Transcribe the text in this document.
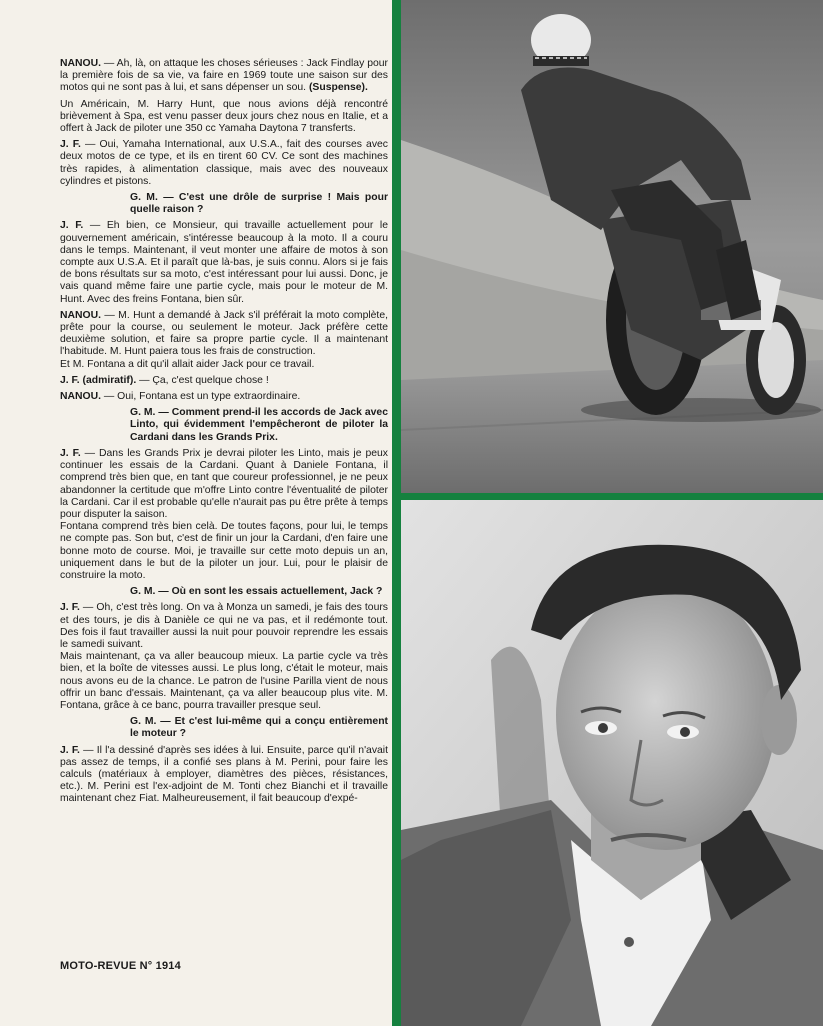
NANOU. — Ah, là, on attaque les choses sérieuses : Jack Findlay pour la première fois de sa vie, va faire en 1969 toute une saison sur des motos qui ne sont pas à lui, et sans dépenser un sou. (Suspense).

Un Américain, M. Harry Hunt, que nous avions déjà rencontré brièvement à Spa, est venu passer deux jours chez nous en Italie, et a offert à Jack de piloter une 350 cc Yamaha Daytona 7 transferts.

J. F. — Oui, Yamaha International, aux U.S.A., fait des courses avec deux motos de ce type, et ils en tirent 60 CV. Ce sont des machines très rapides, à alimentation classique, mais avec des nouveaux cylindres et pistons.

G. M. — C'est une drôle de surprise ! Mais pour quelle raison ?

J. F. — Eh bien, ce Monsieur, qui travaille actuellement pour le gouvernement américain, s'intéresse beaucoup à la moto. Il a couru dans le temps. Maintenant, il veut monter une affaire de motos à son compte aux U.S.A. Et il paraît que là-bas, je suis connu. Alors si je fais de bons résultats sur sa moto, c'est intéressant pour lui aussi. Donc, je vais quand même faire une partie cycle, mais pour le moteur de M. Hunt. Avec des freins Fontana, bien sûr.

NANOU. — M. Hunt a demandé à Jack s'il préférait la moto complète, prête pour la course, ou seulement le moteur. Jack préfère cette deuxième solution, et faire sa propre partie cycle. Il a maintenant l'habitude. M. Hunt paiera tous les frais de construction.

Et M. Fontana a dit qu'il allait aider Jack pour ce travail.

J. F. (admiratif). — Ça, c'est quelque chose !

NANOU. — Oui, Fontana est un type extraordinaire.

G. M. — Comment prend-il les accords de Jack avec Linto, qui évidemment l'empêcheront de piloter la Cardani dans les Grands Prix.

J. F. — Dans les Grands Prix je devrai piloter les Linto, mais je peux continuer les essais de la Cardani. Quant à Daniele Fontana, il comprend très bien que, en tant que coureur professionnel, je ne peux abandonner la certitude que m'offre Linto contre l'éventualité de piloter la Cardani. Car il est probable qu'elle n'aurait pas pu être prête à temps pour disputer la saison.

Fontana comprend très bien celà. De toutes façons, pour lui, le temps ne compte pas. Son but, c'est de finir un jour la Cardani, d'en faire une bonne moto de course. Moi, je travaille sur cette moto depuis un an, uniquement dans le but de la piloter un jour. Lui, pour le plaisir de construire la moto.

G. M. — Où en sont les essais actuellement, Jack ?

J. F. — Oh, c'est très long. On va à Monza un samedi, je fais des tours et des tours, je dis à Danièle ce qui ne va pas, et il redémonte tout. Des fois il faut travailler aussi la nuit pour pouvoir reprendre les essais le samedi suivant.

Mais maintenant, ça va aller beaucoup mieux. La partie cycle va très bien, et la boîte de vitesses aussi. Le plus long, c'était le moteur, mais nous avons eu de la chance. Le patron de l'usine Parilla vient de nous offrir un banc d'essais. Maintenant, ça va aller beaucoup plus vite. M. Fontana, grâce à ce banc, pourra travailler presque seul.

G. M. — Et c'est lui-même qui a conçu entièrement le moteur ?

J. F. — Il l'a dessiné d'après ses idées à lui. Ensuite, parce qu'il n'avait pas assez de temps, il a confié ses plans à M. Perini, pour faire les calculs (matériaux à employer, diamètres des pièces, résistances, etc.). M. Perini est l'ex-adjoint de M. Tonti chez Bianchi et il travaille maintenant chez Fiat. Malheureusement, il fait beaucoup d'expé-

MOTO-REVUE N° 1914
